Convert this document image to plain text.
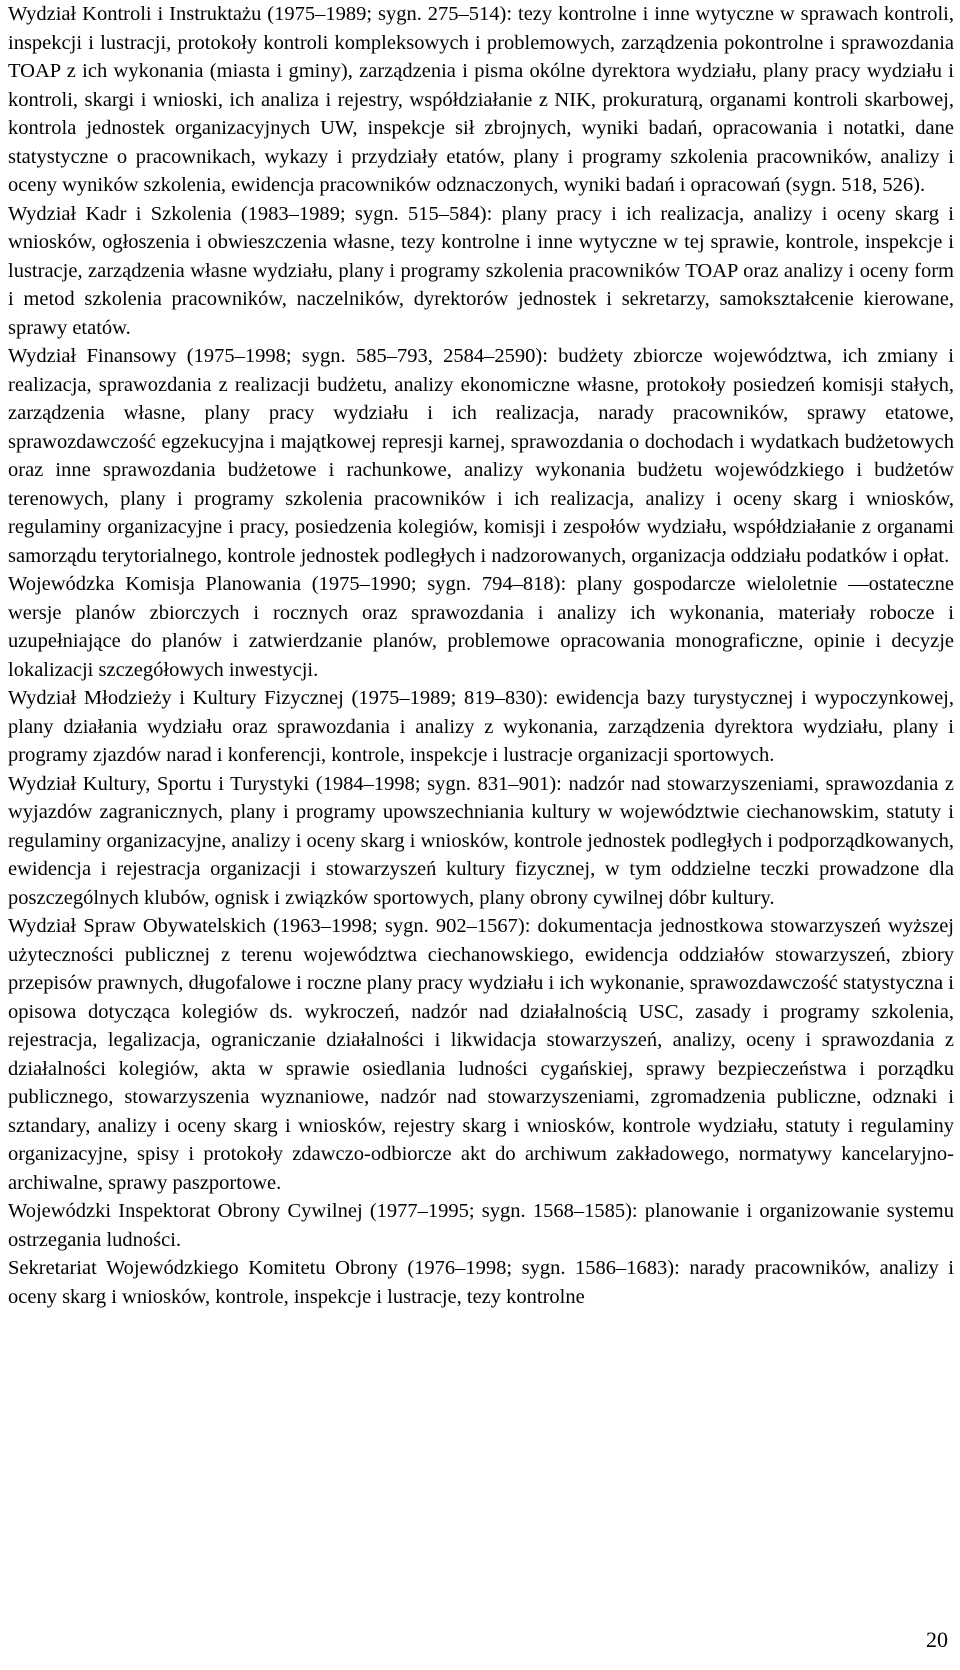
Wydział Kontroli i Instruktażu (1975–1989; sygn. 275–514): tezy kontrolne i inne wytyczne w sprawach kontroli, inspekcji i lustracji, protokoły kontroli kompleksowych i problemowych, zarządzenia pokontrolne i sprawozdania TOAP z ich wykonania (miasta i gminy), zarządzenia i pisma okólne dyrektora wydziału, plany pracy wydziału i kontroli, skargi i wnioski, ich analiza i rejestry, współdziałanie z NIK, prokuraturą, organami kontroli skarbowej, kontrola jednostek organizacyjnych UW, inspekcje sił zbrojnych, wyniki badań, opracowania i notatki, dane statystyczne o pracownikach, wykazy i przydziały etatów, plany i programy szkolenia pracowników, analizy i oceny wyników szkolenia, ewidencja pracowników odznaczonych, wyniki badań i opracowań (sygn. 518, 526).

Wydział Kadr i Szkolenia (1983–1989; sygn. 515–584): plany pracy i ich realizacja, analizy i oceny skarg i wniosków, ogłoszenia i obwieszczenia własne, tezy kontrolne i inne wytyczne w tej sprawie, kontrole, inspekcje i lustracje, zarządzenia własne wydziału, plany i programy szkolenia pracowników TOAP oraz analizy i oceny form i metod szkolenia pracowników, naczelników, dyrektorów jednostek i sekretarzy, samokształcenie kierowane, sprawy etatów.

Wydział Finansowy (1975–1998; sygn. 585–793, 2584–2590): budżety zbiorcze województwa, ich zmiany i realizacja, sprawozdania z realizacji budżetu, analizy ekonomiczne własne, protokoły posiedzeń komisji stałych, zarządzenia własne, plany pracy wydziału i ich realizacja, narady pracowników, sprawy etatowe, sprawozdawczość egzekucyjna i majątkowej represji karnej, sprawozdania o dochodach i wydatkach budżetowych oraz inne sprawozdania budżetowe i rachunkowe, analizy wykonania budżetu wojewódzkiego i budżetów terenowych, plany i programy szkolenia pracowników i ich realizacja, analizy i oceny skarg i wniosków, regulaminy organizacyjne i pracy, posiedzenia kolegiów, komisji i zespołów wydziału, współdziałanie z organami samorządu terytorialnego, kontrole jednostek podległych i nadzorowanych, organizacja oddziału podatków i opłat.

Wojewódzka Komisja Planowania (1975–1990; sygn. 794–818): plany gospodarcze wieloletnie —ostateczne wersje planów zbiorczych i rocznych oraz sprawozdania i analizy ich wykonania, materiały robocze i uzupełniające do planów i zatwierdzanie planów, problemowe opracowania monograficzne, opinie i decyzje lokalizacji szczegółowych inwestycji.

Wydział Młodzieży i Kultury Fizycznej (1975–1989; 819–830): ewidencja bazy turystycznej i wypoczynkowej, plany działania wydziału oraz sprawozdania i analizy z wykonania, zarządzenia dyrektora wydziału, plany i programy zjazdów narad i konferencji, kontrole, inspekcje i lustracje organizacji sportowych.

Wydział Kultury, Sportu i Turystyki (1984–1998; sygn. 831–901): nadzór nad stowarzyszeniami, sprawozdania z wyjazdów zagranicznych, plany i programy upowszechniania kultury w województwie ciechanowskim, statuty i regulaminy organizacyjne, analizy i oceny skarg i wniosków, kontrole jednostek podległych i podporządkowanych, ewidencja i rejestracja organizacji i stowarzyszeń kultury fizycznej, w tym oddzielne teczki prowadzone dla poszczególnych klubów, ognisk i związków sportowych, plany obrony cywilnej dóbr kultury.

Wydział Spraw Obywatelskich (1963–1998; sygn. 902–1567): dokumentacja jednostkowa stowarzyszeń wyższej użyteczności publicznej z terenu województwa ciechanowskiego, ewidencja oddziałów stowarzyszeń, zbiory przepisów prawnych, długofalowe i roczne plany pracy wydziału i ich wykonanie, sprawozdawczość statystyczna i opisowa dotycząca kolegiów ds. wykroczeń, nadzór nad działalnością USC, zasady i programy szkolenia, rejestracja, legalizacja, ograniczanie działalności i likwidacja stowarzyszeń, analizy, oceny i sprawozdania z działalności kolegiów, akta w sprawie osiedlania ludności cygańskiej, sprawy bezpieczeństwa i porządku publicznego, stowarzyszenia wyznaniowe, nadzór nad stowarzyszeniami, zgromadzenia publiczne, odznaki i sztandary, analizy i oceny skarg i wniosków, rejestry skarg i wniosków, kontrole wydziału, statuty i regulaminy organizacyjne, spisy i protokoły zdawczo-odbiorcze akt do archiwum zakładowego, normatywy kancelaryjno-archiwalne, sprawy paszportowe.

Wojewódzki Inspektorat Obrony Cywilnej (1977–1995; sygn. 1568–1585): planowanie i organizowanie systemu ostrzegania ludności.

Sekretariat Wojewódzkiego Komitetu Obrony (1976–1998; sygn. 1586–1683): narady pracowników, analizy i oceny skarg i wniosków, kontrole, inspekcje i lustracje, tezy kontrolne

20
